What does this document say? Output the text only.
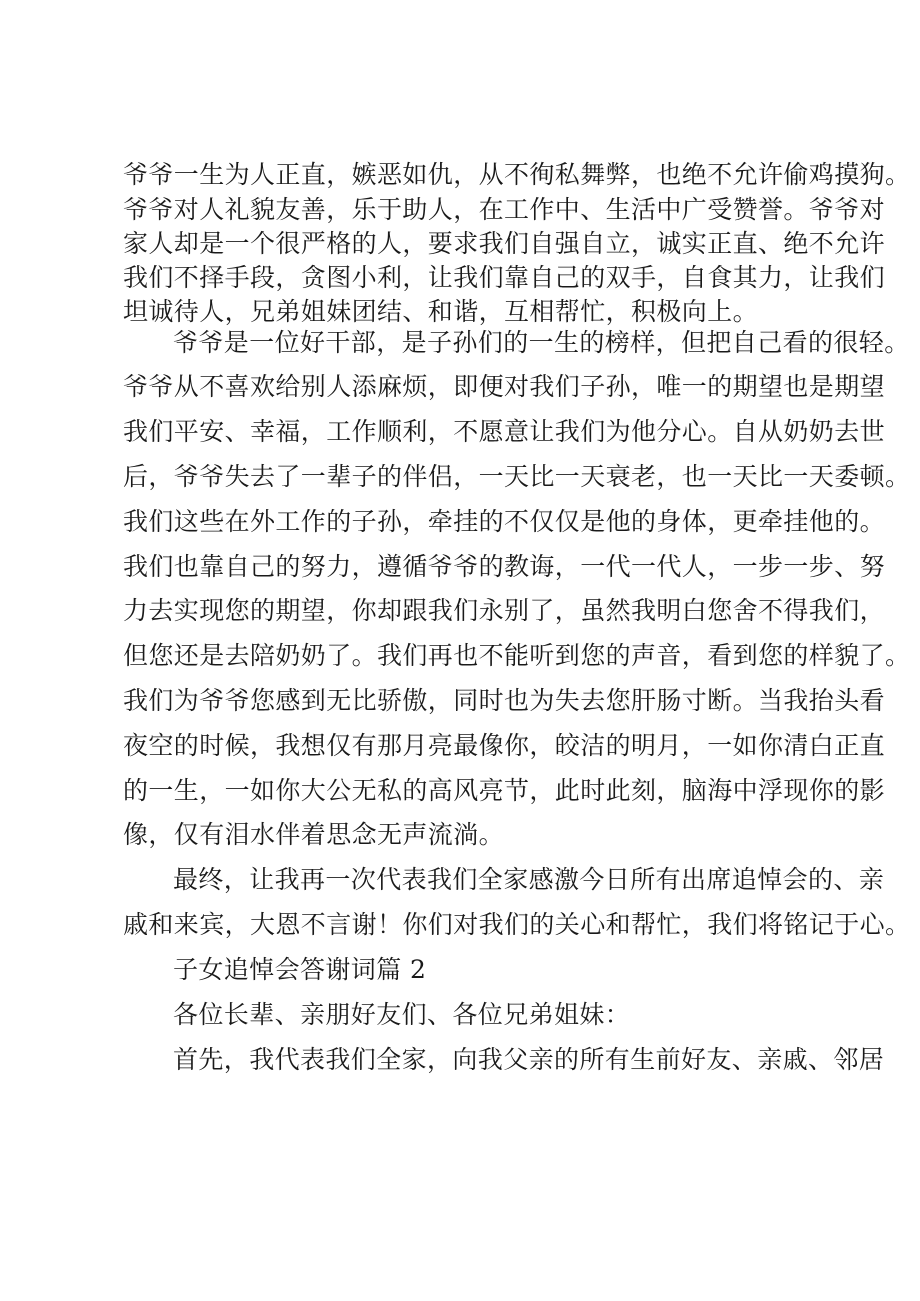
爷爷一生为人正直，嫉恶如仇，从不徇私舞弊，也绝不允许偷鸡摸狗。
爷爷对人礼貌友善，乐于助人，在工作中、生活中广受赞誉。爷爷对
家人却是一个很严格的人，要求我们自强自立，诚实正直、绝不允许
我们不择手段，贪图小利，让我们靠自己的双手，自食其力，让我们
坦诚待人，兄弟姐妹团结、和谐，互相帮忙，积极向上。
爷爷是一位好干部，是子孙们的一生的榜样，但把自己看的很轻。
爷爷从不喜欢给别人添麻烦，即便对我们子孙，唯一的期望也是期望
我们平安、幸福，工作顺利，不愿意让我们为他分心。自从奶奶去世
后，爷爷失去了一辈子的伴侣，一天比一天衰老，也一天比一天委顿。
我们这些在外工作的子孙，牵挂的不仅仅是他的身体，更牵挂他的。
我们也靠自己的努力，遵循爷爷的教诲，一代一代人，一步一步、努
力去实现您的期望，你却跟我们永别了，虽然我明白您舍不得我们，
但您还是去陪奶奶了。我们再也不能听到您的声音，看到您的样貌了。
我们为爷爷您感到无比骄傲，同时也为失去您肝肠寸断。当我抬头看
夜空的时候，我想仅有那月亮最像你，皎洁的明月，一如你清白正直
的一生，一如你大公无私的高风亮节，此时此刻，脑海中浮现你的影
像，仅有泪水伴着思念无声流淌。
最终，让我再一次代表我们全家感激今日所有出席追悼会的、亲
戚和来宾，大恩不言谢！你们对我们的关心和帮忙，我们将铭记于心。
子女追悼会答谢词篇 2
各位长辈、亲朋好友们、各位兄弟姐妹：
首先，我代表我们全家，向我父亲的所有生前好友、亲戚、邻居
